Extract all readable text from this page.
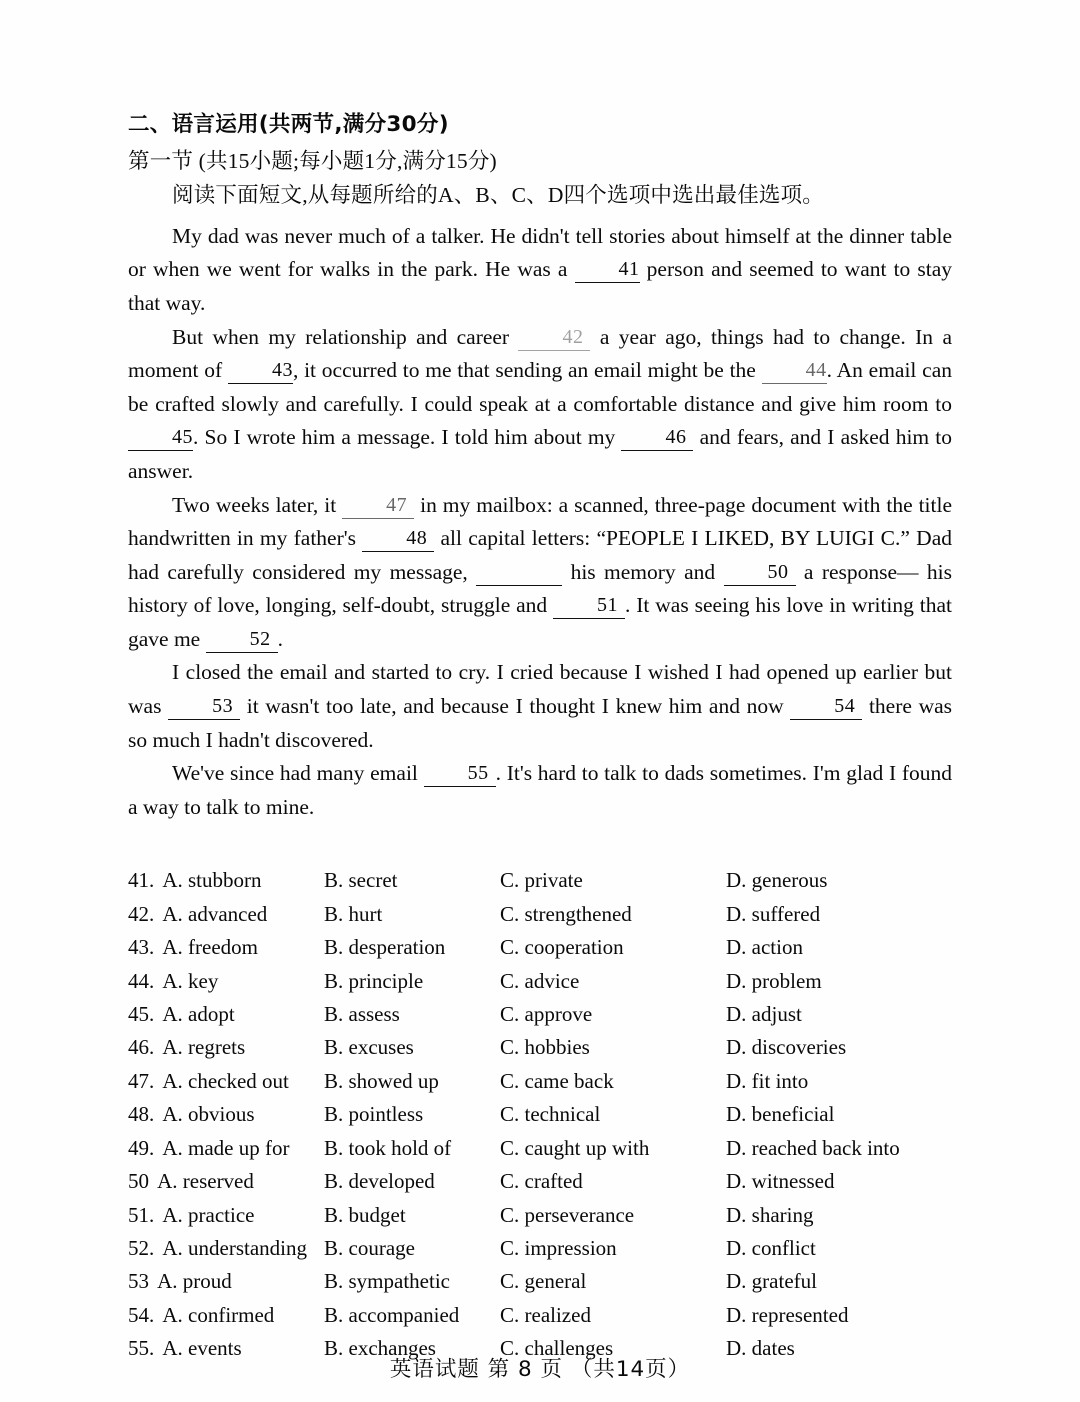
二、语言运用(共两节,满分30分)
第一节 (共15小题;每小题1分,满分15分)
阅读下面短文,从每题所给的A、B、C、D四个选项中选出最佳选项。

My dad was never much of a talker. He didn't tell stories about himself at the dinner table or when we went for walks in the park. He was a	41 person and seemed to want to stay that way.

But when my relationship and career	42 a year ago, things had to change. In a moment of 43, it occurred to me that sending an email might be the 44. An email can be crafted slowly and carefully. I could speak at a comfortable distance and give him room to 45. So I wrote him a message. I told him about my	46 and fears, and I asked him to answer.

Two weeks later, it 47 in my mailbox: a scanned, three-page document with the title handwritten in my father's	48 all capital letters: “PEOPLE I LIKED, BY LUIGI C.” Dad had carefully considered my message,	his memory and	50 a response— his history of love, longing, self-doubt, struggle and 51 . It was seeing his love in writing that gave me 52 .

I closed the email and started to cry. I cried because I wished I had opened up earlier but was	53 it wasn't too late, and because I thought I knew him and now	54 there was so much I hadn't discovered.

We've since had many email 55 . It's hard to talk to dads sometimes. I'm glad I found a way to talk to mine.

41. A. stubborn	B. secret	C. private	D. generous
42. A. advanced	B. hurt	C. strengthened	D. suffered
43. A. freedom	B. desperation	C. cooperation	D. action
44. A. key	B. principle	C. advice	D. problem
45. A. adopt	B. assess	C. approve	D. adjust
46. A. regrets	B. excuses	C. hobbies	D. discoveries
47. A. checked out	B. showed up	C. came back	D. fit into
48. A. obvious	B. pointless	C. technical	D. beneficial
49. A. made up for	B. took hold of	C. caught up with	D. reached back into
50 A. reserved	B. developed	C. crafted	D. witnessed
51. A. practice	B. budget	C. perseverance	D. sharing
52. A. understanding B. courage	C. impression	D. conflict
53 A. proud	B. sympathetic	C. general	D. grateful
54. A. confirmed	B. accompanied	C. realized	D. represented
55. A. events	B. exchanges	C. challenges	D. dates
英语试题 第 8 页 （共14页）
